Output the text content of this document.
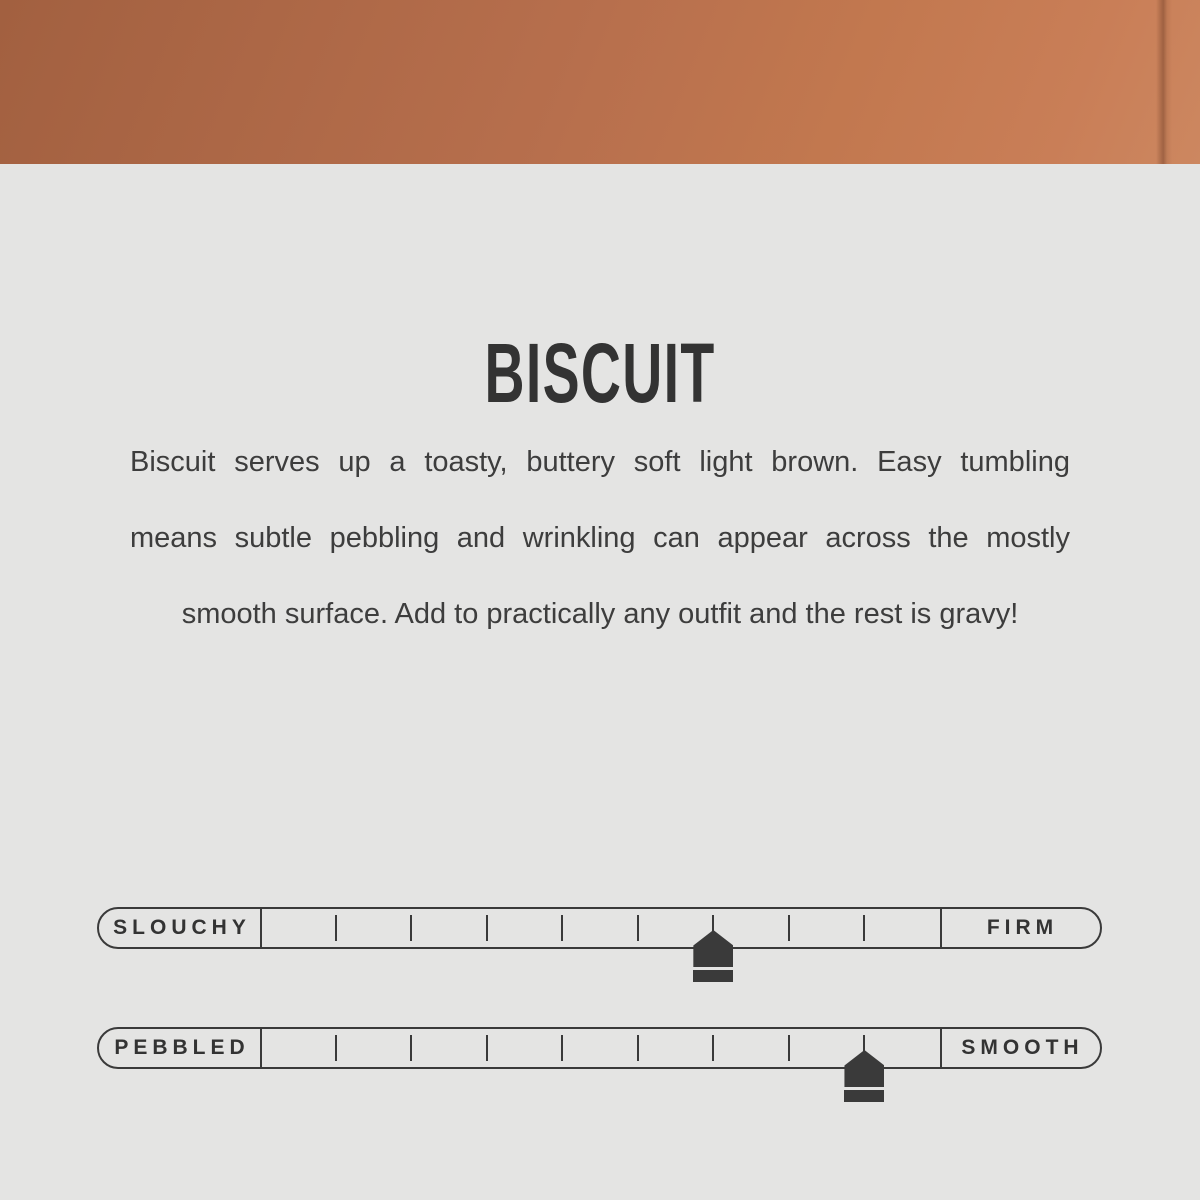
BISCUIT
Biscuit serves up a toasty, buttery soft light brown. Easy tumbling
means subtle pebbling and wrinkling can appear across the mostly
smooth surface. Add to practically any outfit and the rest is gravy!
SLOUCHY	FIRM
PEBBLED	SMOOTH
